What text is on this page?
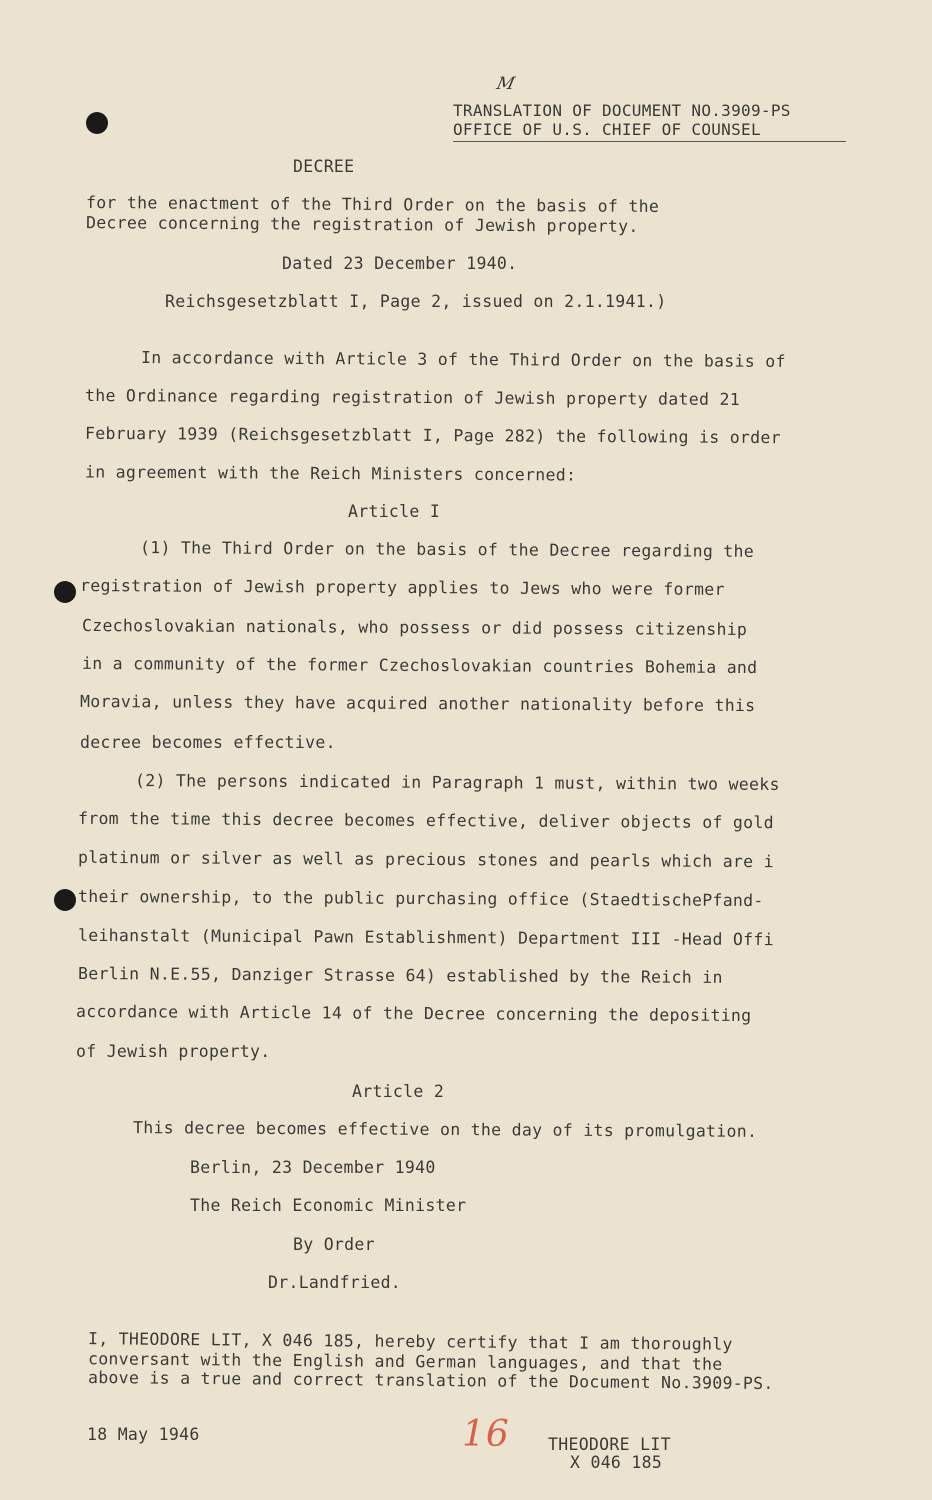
M
TRANSLATION OF DOCUMENT NO.3909-PS
OFFICE OF U.S. CHIEF OF COUNSEL
DECREE
for the enactment of the Third Order on the basis of the
Decree concerning the registration of Jewish property.
Dated 23 December 1940.
Reichsgesetzblatt I, Page 2, issued on 2.1.1941.)
In accordance with Article 3 of the Third Order on the basis of
the Ordinance regarding registration of Jewish property dated 21
February 1939 (Reichsgesetzblatt I, Page 282) the following is order
in agreement with the Reich Ministers concerned:
Article I
(1) The Third Order on the basis of the Decree regarding the
registration of Jewish property applies to Jews who were former
Czechoslovakian nationals, who possess or did possess citizenship
in a community of the former Czechoslovakian countries Bohemia and
Moravia, unless they have acquired another nationality before this
decree becomes effective.
(2) The persons indicated in Paragraph 1 must, within two weeks
from the time this decree becomes effective, deliver objects of gold
platinum or silver as well as precious stones and pearls which are i
their ownership, to the public purchasing office (StaedtischePfand-
leihanstalt (Municipal Pawn Establishment) Department III -Head Offi
Berlin N.E.55, Danziger Strasse 64) established by the Reich in
accordance with Article 14 of the Decree concerning the depositing
of Jewish property.
Article 2
This decree becomes effective on the day of its promulgation.
Berlin, 23 December 1940
The Reich Economic Minister
By Order
Dr.Landfried.
I, THEODORE LIT, X 046 185, hereby certify that I am thoroughly
conversant with the English and German languages, and that the
above is a true and correct translation of the Document No.3909-PS.
18 May 1946	16 THEODORE LIT
X 046 185
